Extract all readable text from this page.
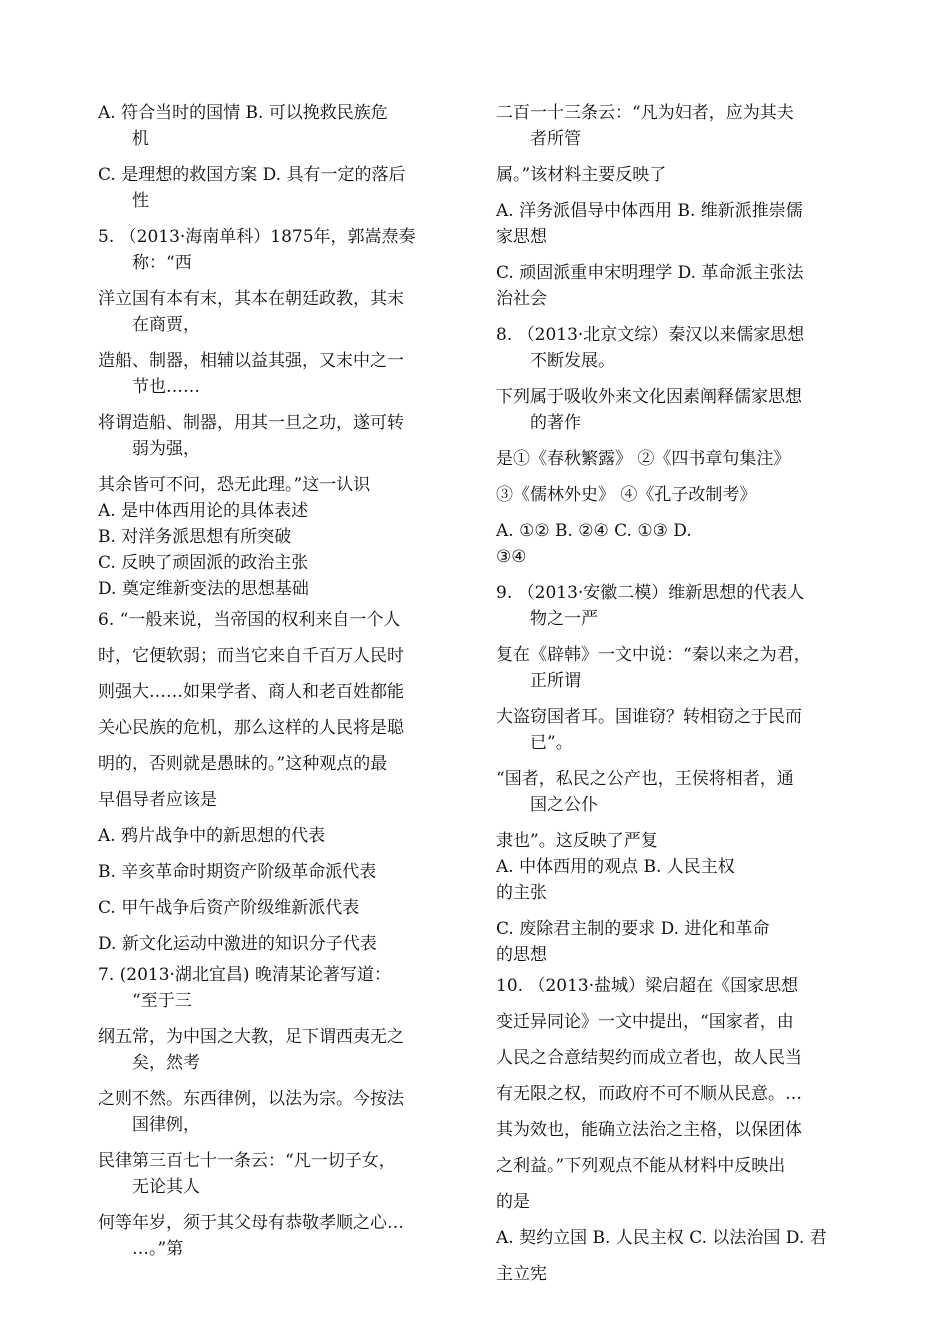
A. 符合当时的国情 B. 可以挽救民族危
机
C. 是理想的救国方案 D. 具有一定的落后
性
5. （2013·海南单科）1875年，郭嵩焘奏
称：“西
洋立国有本有末，其本在朝廷政教，其末
在商贾，
造船、制器，相辅以益其强，又末中之一
节也……
将谓造船、制器，用其一旦之功，遂可转
弱为强，
其余皆可不问，恐无此理。”这一认识
A. 是中体西用论的具体表述
B. 对洋务派思想有所突破
C. 反映了顽固派的政治主张
D. 奠定维新变法的思想基础
6. “一般来说，当帝国的权利来自一个人
时，它便软弱；而当它来自千百万人民时
则强大……如果学者、商人和老百姓都能
关心民族的危机，那么这样的人民将是聪
明的，否则就是愚昧的。”这种观点的最
早倡导者应该是
A. 鸦片战争中的新思想的代表
B. 辛亥革命时期资产阶级革命派代表
C. 甲午战争后资产阶级维新派代表
D. 新文化运动中激进的知识分子代表
7. (2013·湖北宜昌) 晚清某论著写道：
“至于三
纲五常，为中国之大教，足下谓西夷无之
矣，然考
之则不然。东西律例，以法为宗。今按法
国律例，
民律第三百七十一条云：“凡一切子女，
无论其人
何等年岁，须于其父母有恭敬孝顺之心…
…。”第
二百一十三条云：“凡为妇者，应为其夫
者所管
属。”该材料主要反映了
A. 洋务派倡导中体西用 B. 维新派推崇儒
家思想
C. 顽固派重申宋明理学 D. 革命派主张法
治社会
8. （2013·北京文综）秦汉以来儒家思想
不断发展。
下列属于吸收外来文化因素阐释儒家思想
的著作
是①《春秋繁露》 ②《四书章句集注》
③《儒林外史》 ④《孔子改制考》
A. ①② B. ②④ C. ①③ D.
③④
9. （2013·安徽二模）维新思想的代表人
物之一严
复在《辟韩》一文中说：“秦以来之为君，
正所谓
大盗窃国者耳。国谁窃？转相窃之于民而
已”。
“国者，私民之公产也，王侯将相者，通
国之公仆
隶也”。这反映了严复
A. 中体西用的观点 B. 人民主权
的主张
C. 废除君主制的要求 D. 进化和革命
的思想
10. （2013·盐城）梁启超在《国家思想
变迁异同论》一文中提出，“国家者，由
人民之合意结契约而成立者也，故人民当
有无限之权，而政府不可不顺从民意。…
其为效也，能确立法治之主格，以保团体
之利益。”下列观点不能从材料中反映出
的是
A. 契约立国 B. 人民主权 C. 以法治国 D. 君
主立宪
